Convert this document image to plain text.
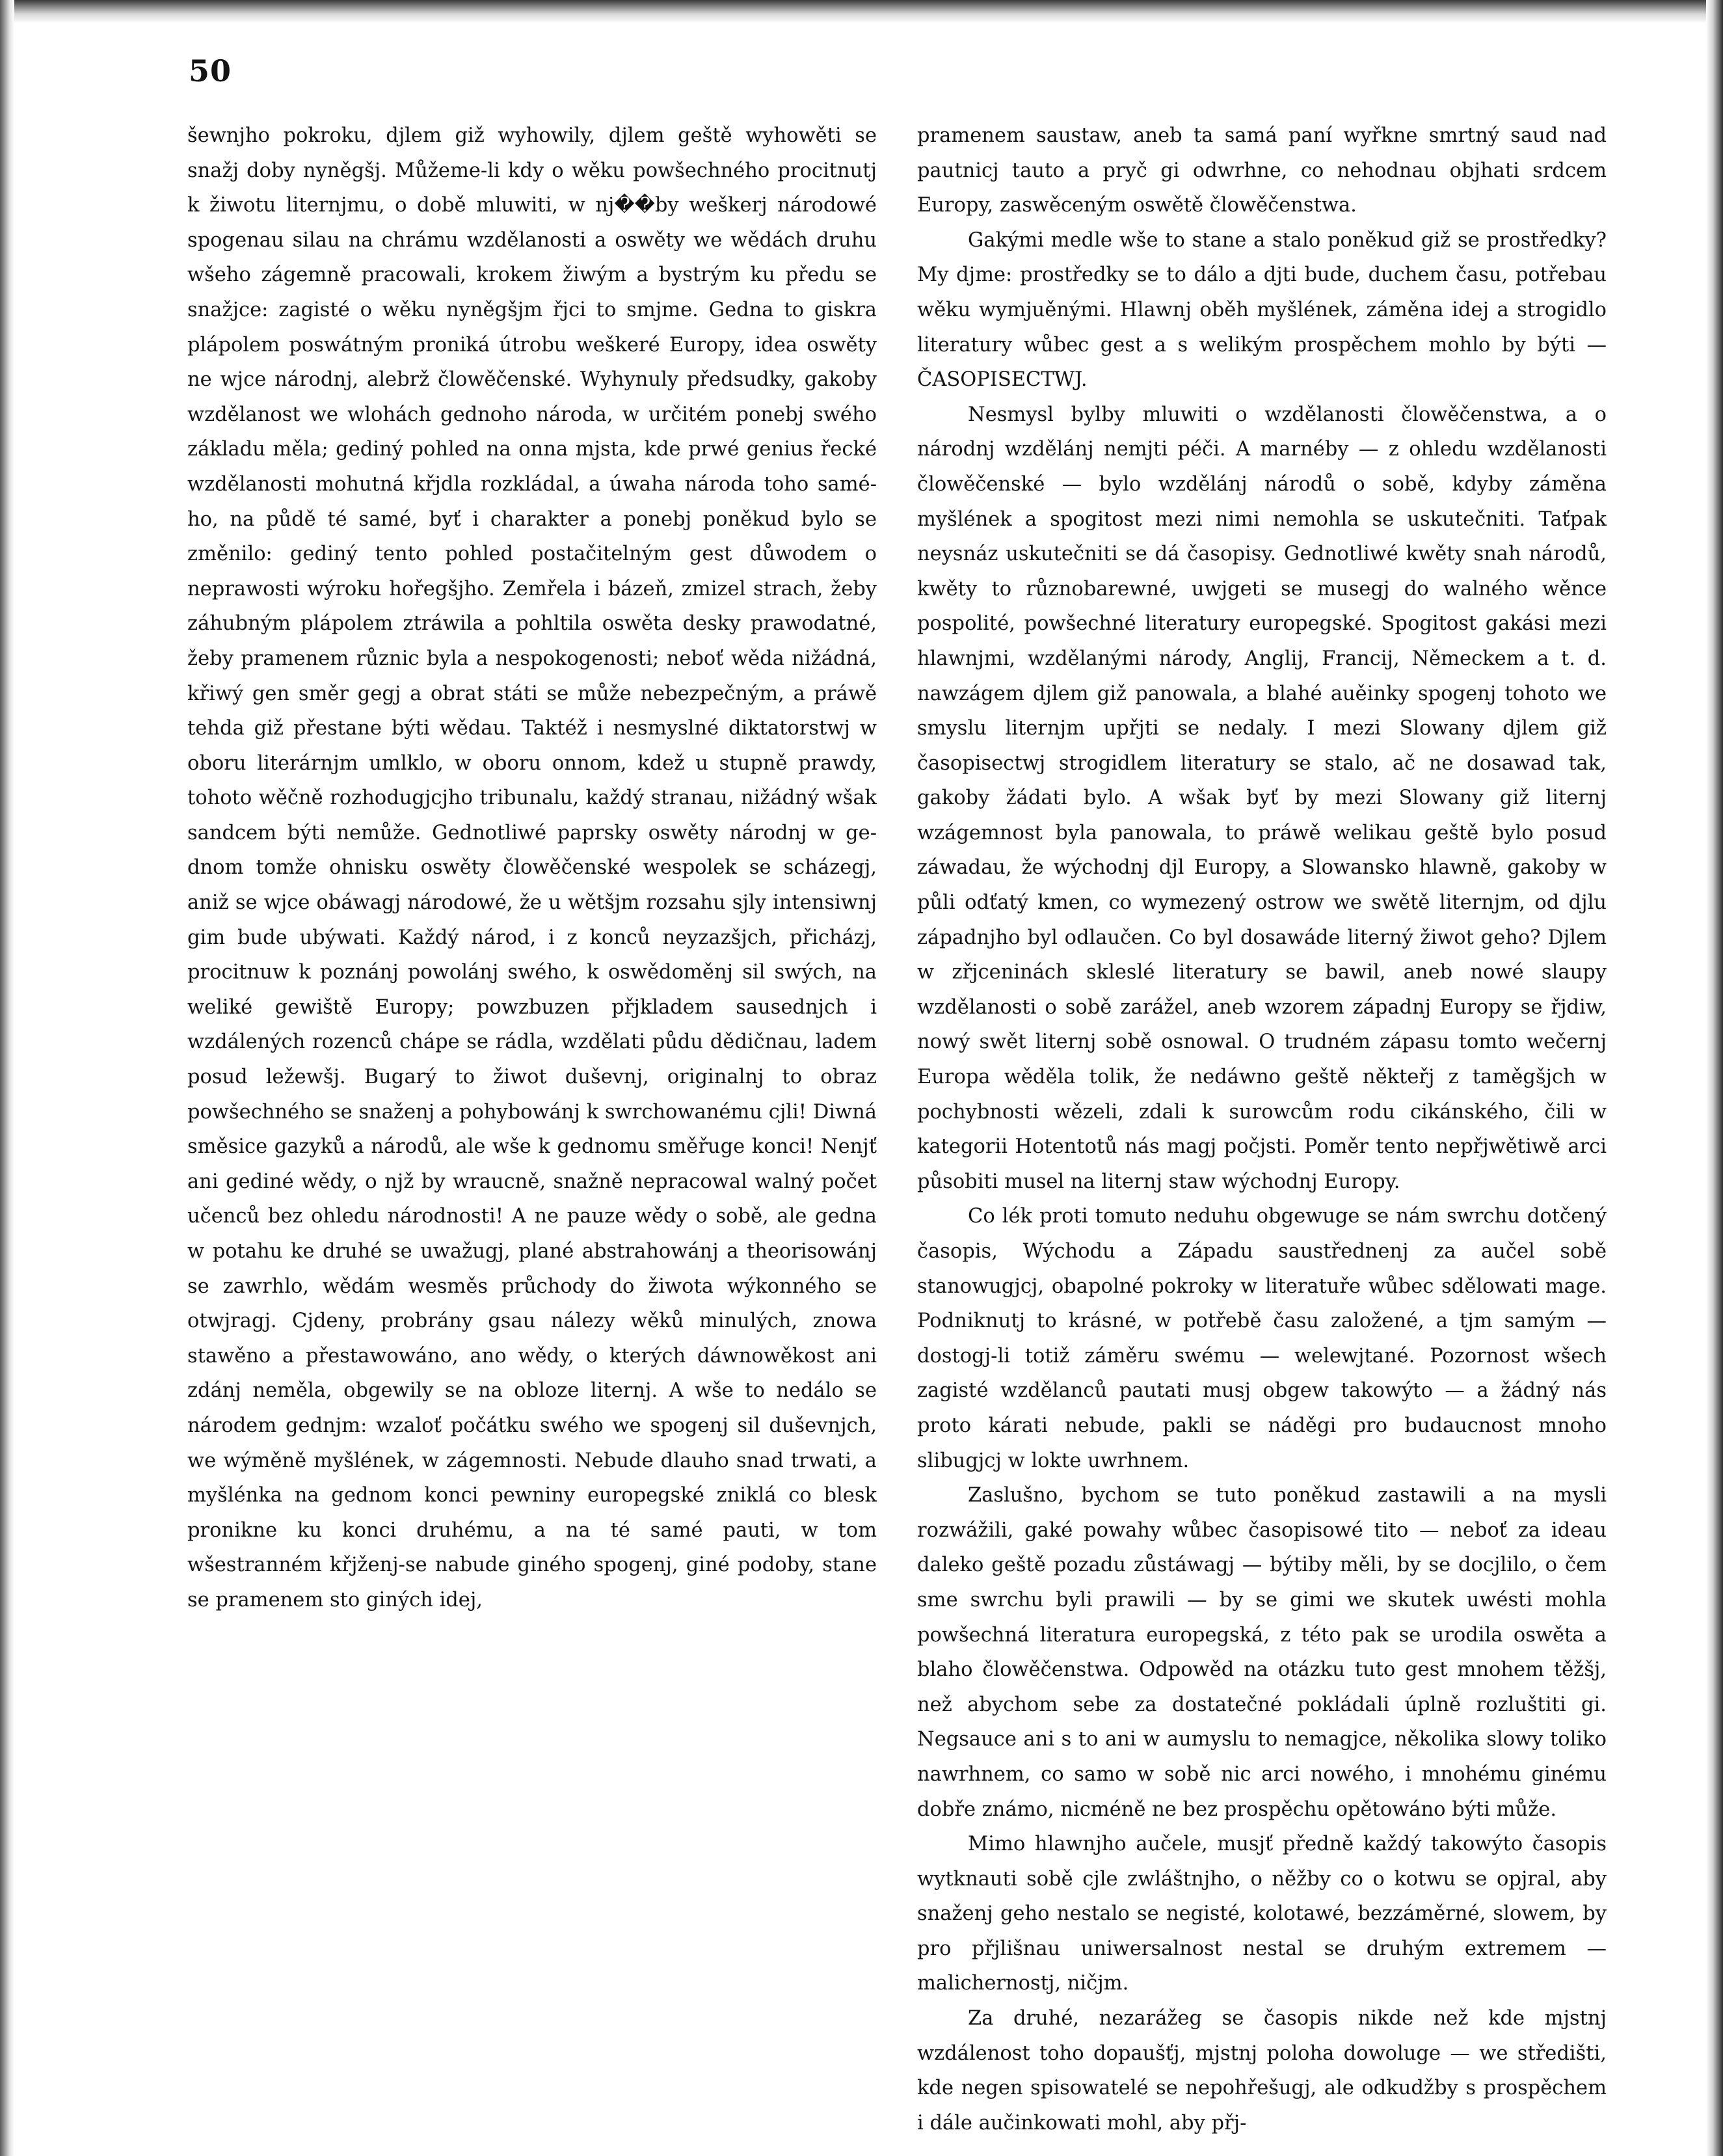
50

šewnjho pokroku, djlem giž wyhowily, djlem geště wyhowěti se snažj doby nyněgšj. Můžeme-li kdy o wěku powšechného procitnutj k žiwotu liternjmu, o době mluwiti, w nj��by weškerj národowé spogenau silau na chrámu wzdělanosti a oswěty we wědách druhu wšeho zágemně pracowali, krokem žiwým a bystrým ku předu se snažjce: zagisté o wěku nyněgšjm řjci to smjme. Gedna to giskra plápolem poswátným proniká útrobu weškeré Europy, idea oswěty ne wjce národnj, alebrž člowěčenské. Wyhynuly předsudky, gakoby wzdělanost we wlohách gednoho národa, w určitém ponebj swého základu měla; gediný pohled na onna mjsta, kde prwé genius řecké wzdělanosti mohutná křjdla rozkládal, a úwaha národa toho samého, na půdě té samé, byť i charakter a ponebj poněkud bylo se změnilo: gediný tento pohled postačitelným gest důwodem o neprawosti wýroku hořegšjho. Zemřela i bázeň, zmizel strach, žeby záhubným plápolem ztráwila a pohltila oswěta desky prawodatné, žeby pramenem různic byla a nespokogenosti; neboť wěda nižádná, křiwý gen směr gegj a obrat státi se může nebezpečným, a práwě tehda giž přestane býti wědau. Taktéž i nesmyslné diktatorstwj w oboru literárnjm umlklo, w oboru onnom, kdež u stupně prawdy, tohoto wěčně rozhodugjcjho tribunalu, každý stranau, nižádný wšak sandcem býti nemůže. Gednotliwé paprsky oswěty národnj w gednom tomže ohnisku oswěty člowěčenské wespolek se scházegj, aniž se wjce obáwagj národowé, že u wětšjm rozsahu sjly intensiwnj gim bude ubýwati. Každý národ, i z konců neyzazšjch, přicházj, procitnuw k poznánj powolánj swého, k oswědoměnj sil swých, na weliké gewiště Europy; powzbuzen přjkladem sausednjch i wzdálených rozenců chápe se rádla, wzdělati půdu dědičnau, ladem posud ležewšj. Bugarý to žiwot duševnj, originalnj to obraz powšechného se snaženj a pohybowánj k swrchowanému cjli! Diwná směsice gazyků a národů, ale wše k gednomu směřuge konci! Nenjť ani gediné wědy, o njž by wraucně, snažně nepracowal walný počet učenců bez ohledu národnosti! A ne pauze wědy o sobě, ale gedna w potahu ke druhé se uwažugj, plané abstrahowánj a theorisowánj se zawrhlo, wědám wesměs průchody do žiwota wýkonného se otwjragj. Cjdeny, probrány gsau nálezy wěků minulých, znowa stawěno a přestawowáno, ano wědy, o kterých dáwnowěkost ani zdánj neměla, obgewily se na obloze liternj. A wše to nedálo se národem gednjm: wzaloť počátku swého we spogenj sil duševnjch, we wýměně myšlének, w zágemnosti. Nebude dlauho snad trwati, a myšlénka na gednom konci pewniny europegské zniklá co blesk pronikne ku konci druhému, a na té samé pauti, w tom wšestranném křjženj-se nabude giného spogenj, giné podoby, stane se pramenem sto giných idej,

pramenem saustaw, aneb ta samá paní wyřkne smrtný saud nad pautnicj tauto a pryč gi odwrhne, co nehodnau objhati srdcem Europy, zaswěceným oswětě člowěčenstwa.

Gakými medle wše to stane a stalo poněkud giž se prostředky? My djme: prostředky se to dálo a djti bude, duchem času, potřebau wěku wymjuěnými. Hlawnj oběh myšlének, záměna idej a strogidlo literatury wůbec gest a s welikým prospěchem mohlo by býti — ČASOPISECTWJ.

Nesmysl bylby mluwiti o wzdělanosti člowěčenstwa, a o národnj wzdělánj nemjti péči. A marnéby — z ohledu wzdělanosti člowěčenské — bylo wzdělánj národů o sobě, kdyby záměna myšlének a spogitost mezi nimi nemohla se uskutečniti. Taťpak neysnáz uskutečniti se dá časopisy. Gednotliwé kwěty snah národů, kwěty to různobarewné, uwjgeti se musegj do walného wěnce pospolité, powšechné literatury europegské. Spogitost gakási mezi hlawnjmi, wzdělanými národy, Anglij, Francij, Německem a t. d. nawzágem djlem giž panowala, a blahé auěinky spogenj tohoto we smyslu liternjm upřjti se nedaly. I mezi Slowany djlem giž časopisectwj strogidlem literatury se stalo, ač ne dosawad tak, gakoby žádati bylo. A wšak byť by mezi Slowany giž liternj wzágemnost byla panowala, to práwě welikau geště bylo posud záwadau, že wýchodnj djl Europy, a Slowansko hlawně, gakoby w půli odťatý kmen, co wymezený ostrow we swětě liternjm, od djlu západnjho byl odlaučen. Co byl dosawáde literný žiwot geho? Djlem w zřjceninách skleslé literatury se bawil, aneb nowé slaupy wzdělanosti o sobě zarážel, aneb wzorem západnj Europy se řjdiw, nowý swět liternj sobě osnowal. O trudném zápasu tomto wečernj Europa wěděla tolik, že nedáwno geště někteřj z taměgšjch w pochybnosti wězeli, zdali k surowcům rodu cikánského, čili w kategorii Hotentotů nás magj počjsti. Poměr tento nepřjwětiwě arci působiti musel na liternj staw wýchodnj Europy.

Co lék proti tomuto neduhu obgewuge se nám swrchu dotčený časopis, Wýchodu a Západu saustřednenj za aučel sobě stanowugjcj, obapolné pokroky w literatuře wůbec sdělowati mage. Podniknutj to krásné, w potřebě času založené, a tjm samým — dostogj-li totiž záměru swému — welewjtané. Pozornost wšech zagisté wzdělanců pautati musj obgew takowýto — a žádný nás proto kárati nebude, pakli se náděgi pro budaucnost mnoho slibugjcj w lokte uwrhnem.

Zaslušno, bychom se tuto poněkud zastawili a na mysli rozwážili, gaké powahy wůbec časopisowé tito — neboť za ideau daleko geště pozadu zůstáwagj — býtiby měli, by se docjlilo, o čem sme swrchu byli prawili — by se gimi we skutek uwésti mohla powšechná literatura europegská, z této pak se urodila oswěta a blaho člowěčenstwa. Odpowěd na otázku tuto gest mnohem těžšj, než abychom sebe za dostatečné pokládali úplně rozluštiti gi. Negsauce ani s to ani w aumyslu to nemagjce, několika slowy toliko nawrhnem, co samo w sobě nic arci nowého, i mnohému ginému dobře známo, nicméně ne bez prospěchu opětowáno býti může.

Mimo hlawnjho aučele, musjť předně každý takowýto časopis wytknauti sobě cjle zwláštnjho, o něžby co o kotwu se opjral, aby snaženj geho nestalo se negisté, kolotawé, bezzáměrné, slowem, by pro přjlišnau uniwersalnost nestal se druhým extremem — malichernostj, ničjm.

Za druhé, nezarážeg se časopis nikde než kde mjstnj wzdálenost toho dopaušťj, mjstnj poloha dowoluge — we středišti, kde negen spisowatelé se nepohřešugj, ale odkudžby s prospěchem i dále aučinkowati mohl, aby přj-
